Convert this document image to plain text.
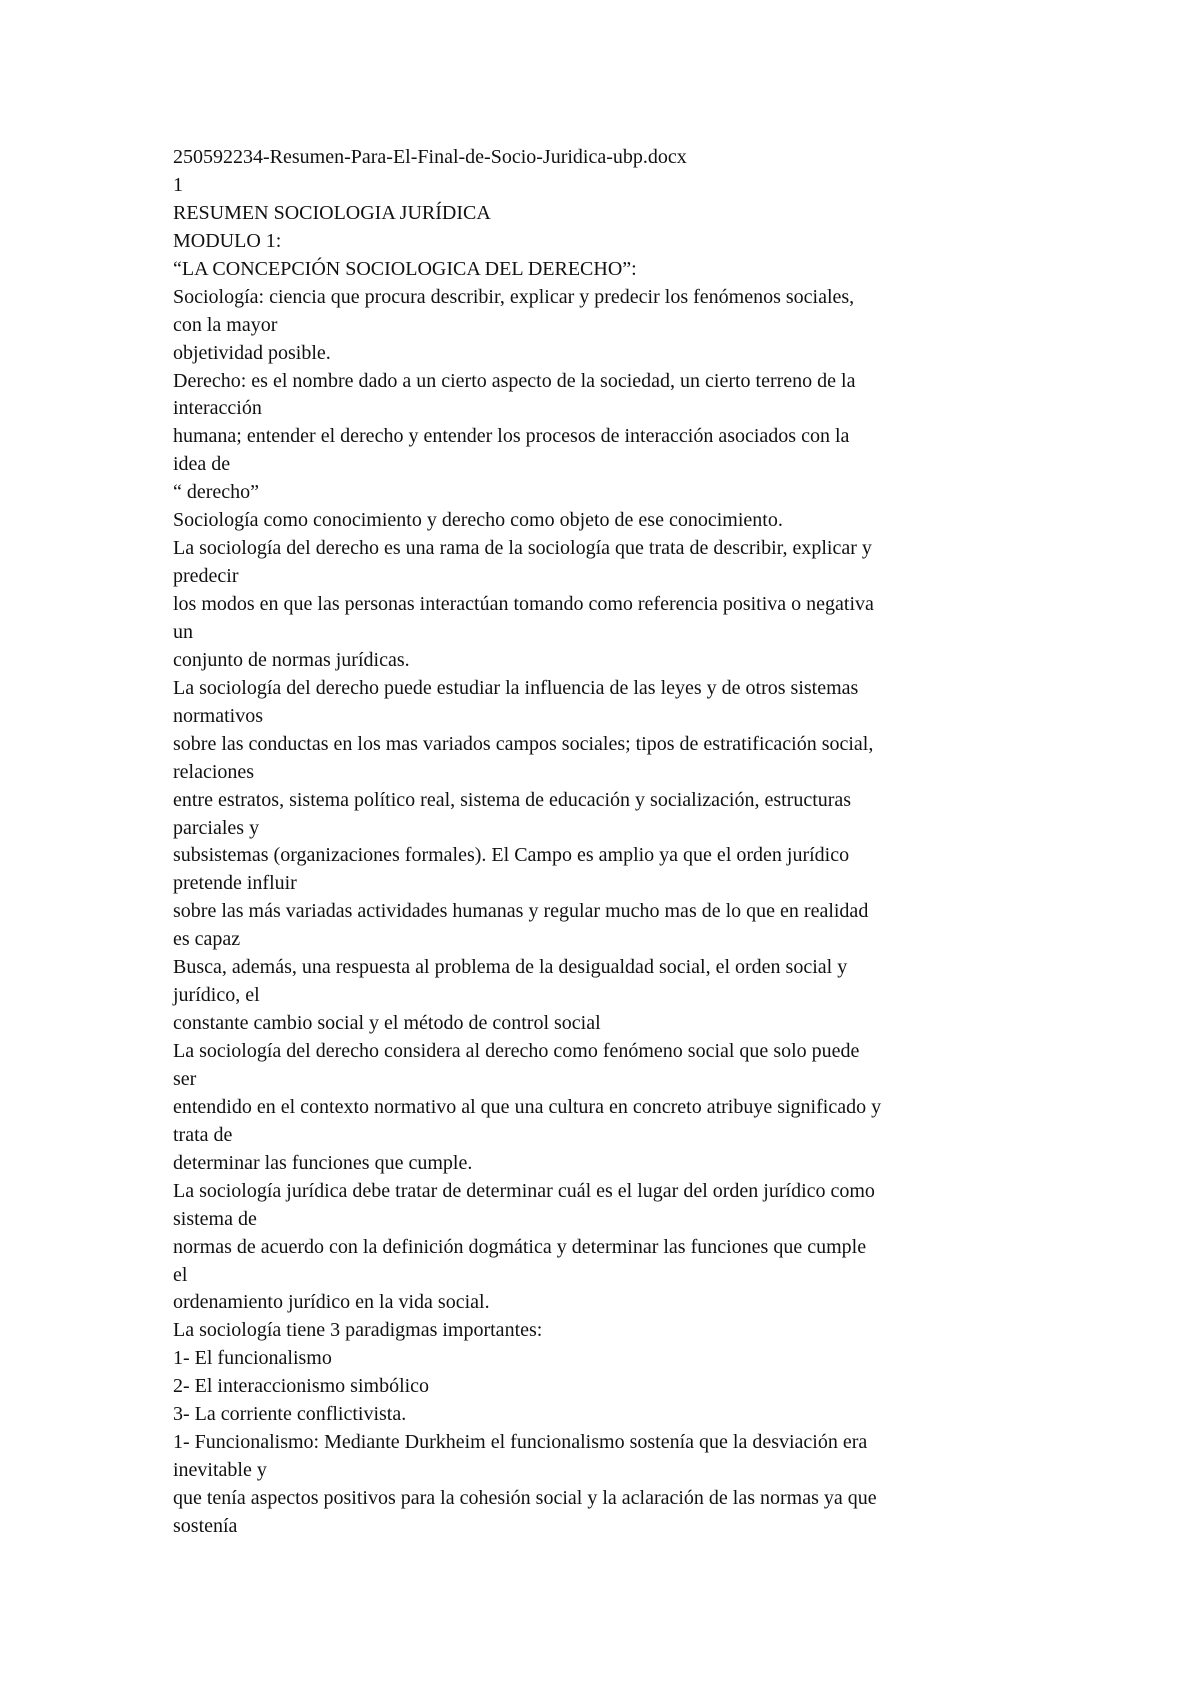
250592234-Resumen-Para-El-Final-de-Socio-Juridica-ubp.docx
1
RESUMEN SOCIOLOGIA JURÍDICA
MODULO 1:
“LA CONCEPCIÓN SOCIOLOGICA DEL DERECHO”:
Sociología: ciencia que procura describir, explicar y predecir los fenómenos sociales,
con la mayor
objetividad posible.
Derecho: es el nombre dado a un cierto aspecto de la sociedad, un cierto terreno de la
interacción
humana; entender el derecho y entender los procesos de interacción asociados con la
idea de
“ derecho”
Sociología como conocimiento y derecho como objeto de ese conocimiento.
La sociología del derecho es una rama de la sociología que trata de describir, explicar y
predecir
los modos en que las personas interactúan tomando como referencia positiva o negativa
un
conjunto de normas jurídicas.
La sociología del derecho puede estudiar la influencia de las leyes y de otros sistemas
normativos
sobre las conductas en los mas variados campos sociales; tipos de estratificación social,
relaciones
entre estratos, sistema político real, sistema de educación y socialización, estructuras
parciales y
subsistemas (organizaciones formales). El Campo es amplio ya que el orden jurídico
pretende influir
sobre las más variadas actividades humanas y regular mucho mas de lo que en realidad
es capaz
Busca, además, una respuesta al problema de la desigualdad social, el orden social y
jurídico, el
constante cambio social y el método de control social
La sociología del derecho considera al derecho como fenómeno social que solo puede
ser
entendido en el contexto normativo al que una cultura en concreto atribuye significado y
trata de
determinar las funciones que cumple.
La sociología jurídica debe tratar de determinar cuál es el lugar del orden jurídico como
sistema de
normas de acuerdo con la definición dogmática y determinar las funciones que cumple
el
ordenamiento jurídico en la vida social.
La sociología tiene 3 paradigmas importantes:
1- El funcionalismo
2- El interaccionismo simbólico
3- La corriente conflictivista.
1- Funcionalismo: Mediante Durkheim el funcionalismo sostenía que la desviación era
inevitable y
que tenía aspectos positivos para la cohesión social y la aclaración de las normas ya que
sostenía
